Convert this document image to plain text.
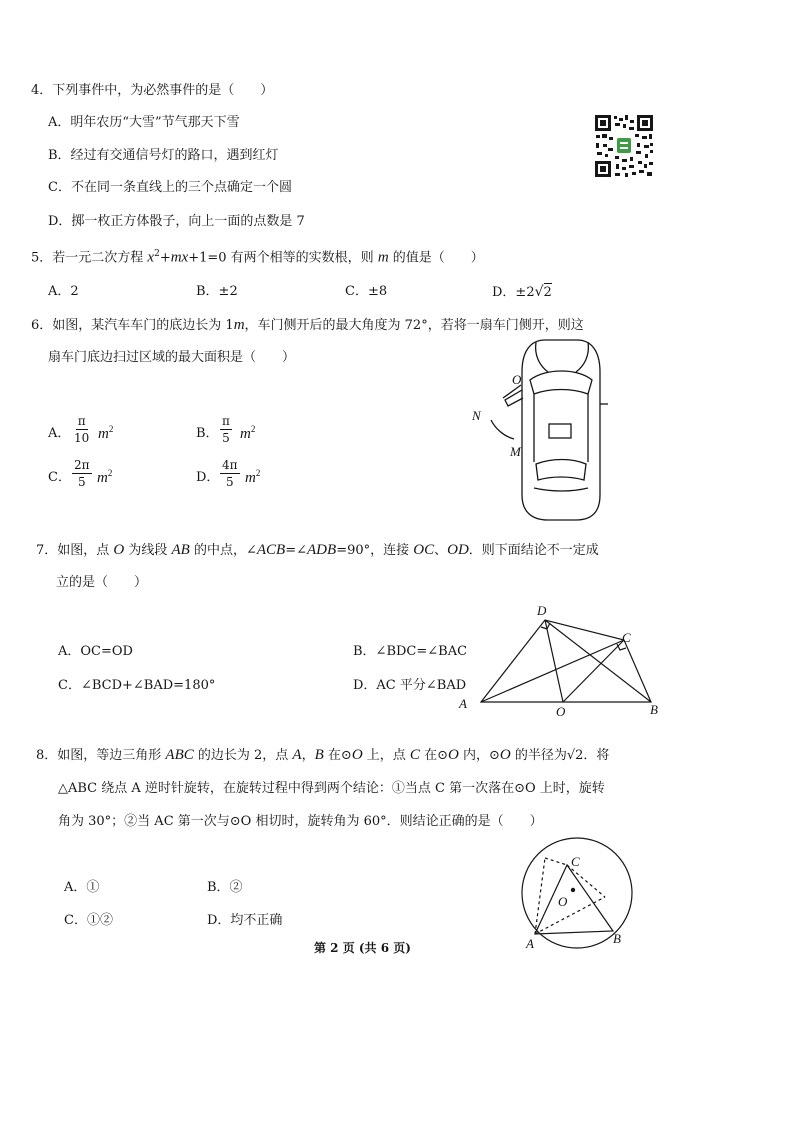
4．下列事件中，为必然事件的是（　　）
A．明年农历“大雪”节气那天下雪
B．经过有交通信号灯的路口，遇到红灯
C．不在同一条直线上的三个点确定一个圆
D．掷一枚正方体骰子，向上一面的点数是 7
5．若一元二次方程 $x^2+mx+1=0$ 有两个相等的实数根，则 m 的值是（　　）
A．2	B．±2	C．±8	D．±2√2
6．如图，某汽车车门的底边长为 1m，车门侧开后的最大角度为 72°，若将一扇车门侧开，则这
扇车门底边扫过区域的最大面积是（　　）
A． $\frac{\pi}{10} m^2$	B． $\frac{\pi}{5} m^2$
C． $\frac{2\pi}{5} m^2$	D． $\frac{4\pi}{5} m^2$
O
N
M
7．如图，点 O 为线段 AB 的中点，∠ACB=∠ADB=90°，连接 OC、OD．则下面结论不一定成
立的是（　　）
A．OC=OD	B．∠BDC=∠BAC
C．∠BCD+∠BAD=180°	D．AC 平分∠BAD
D
C
A
O	B
8．如图，等边三角形 ABC 的边长为 2，点 A，B 在⊙O 上，点 C 在⊙O 内，⊙O 的半径为√2．将
△ABC 绕点 A 逆时针旋转，在旋转过程中得到两个结论：①当点 C 第一次落在⊙O 上时，旋转
角为 30°；②当 AC 第一次与⊙O 相切时，旋转角为 60°．则结论正确的是（　　）
A．①	B．②
C．①②	D．均不正确
C
O
A	B
第 2 页 (共 6 页)
